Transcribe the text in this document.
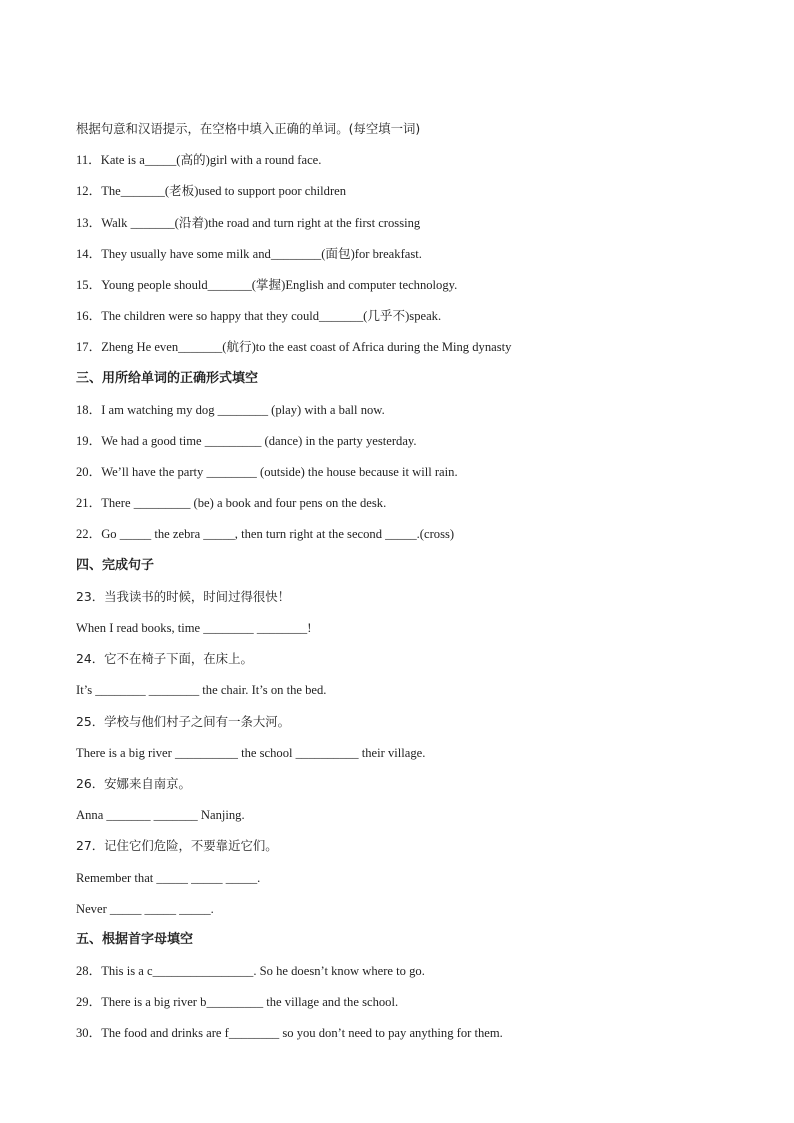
根据句意和汉语提示，在空格中填入正确的单词。(每空填一词)
11．Kate is a_____(高的)girl with a round face.
12．The_______(老板)used to support poor children
13．Walk _______(沿着)the road and turn right at the first crossing
14．They usually have some milk and________(面包)for breakfast.
15．Young people should_______(掌握)English and computer technology.
16．The children were so happy that they could_______(几乎不)speak.
17．Zheng He even_______(航行)to the east coast of Africa during the Ming dynasty
三、用所给单词的正确形式填空
18．I am watching my dog ________ (play) with a ball now.
19．We had a good time _________ (dance) in the party yesterday.
20．We’ll have the party ________ (outside) the house because it will rain.
21．There _________ (be) a book and four pens on the desk.
22．Go _____ the zebra _____, then turn right at the second _____.(cross)
四、完成句子
23．当我读书的时候，时间过得很快！
When I read books, time ________ ________!
24．它不在椅子下面，在床上。
It’s ________ ________ the chair. It’s on the bed.
25．学校与他们村子之间有一条大河。
There is a big river __________ the school __________ their village.
26．安娜来自南京。
Anna _______ _______ Nanjing.
27．记住它们危险，不要靠近它们。
Remember that _____ _____ _____.
Never _____ _____ _____.
五、根据首字母填空
28．This is a c________________. So he doesn’t know where to go.
29．There is a big river b_________ the village and the school.
30．The food and drinks are f________ so you don’t need to pay anything for them.
